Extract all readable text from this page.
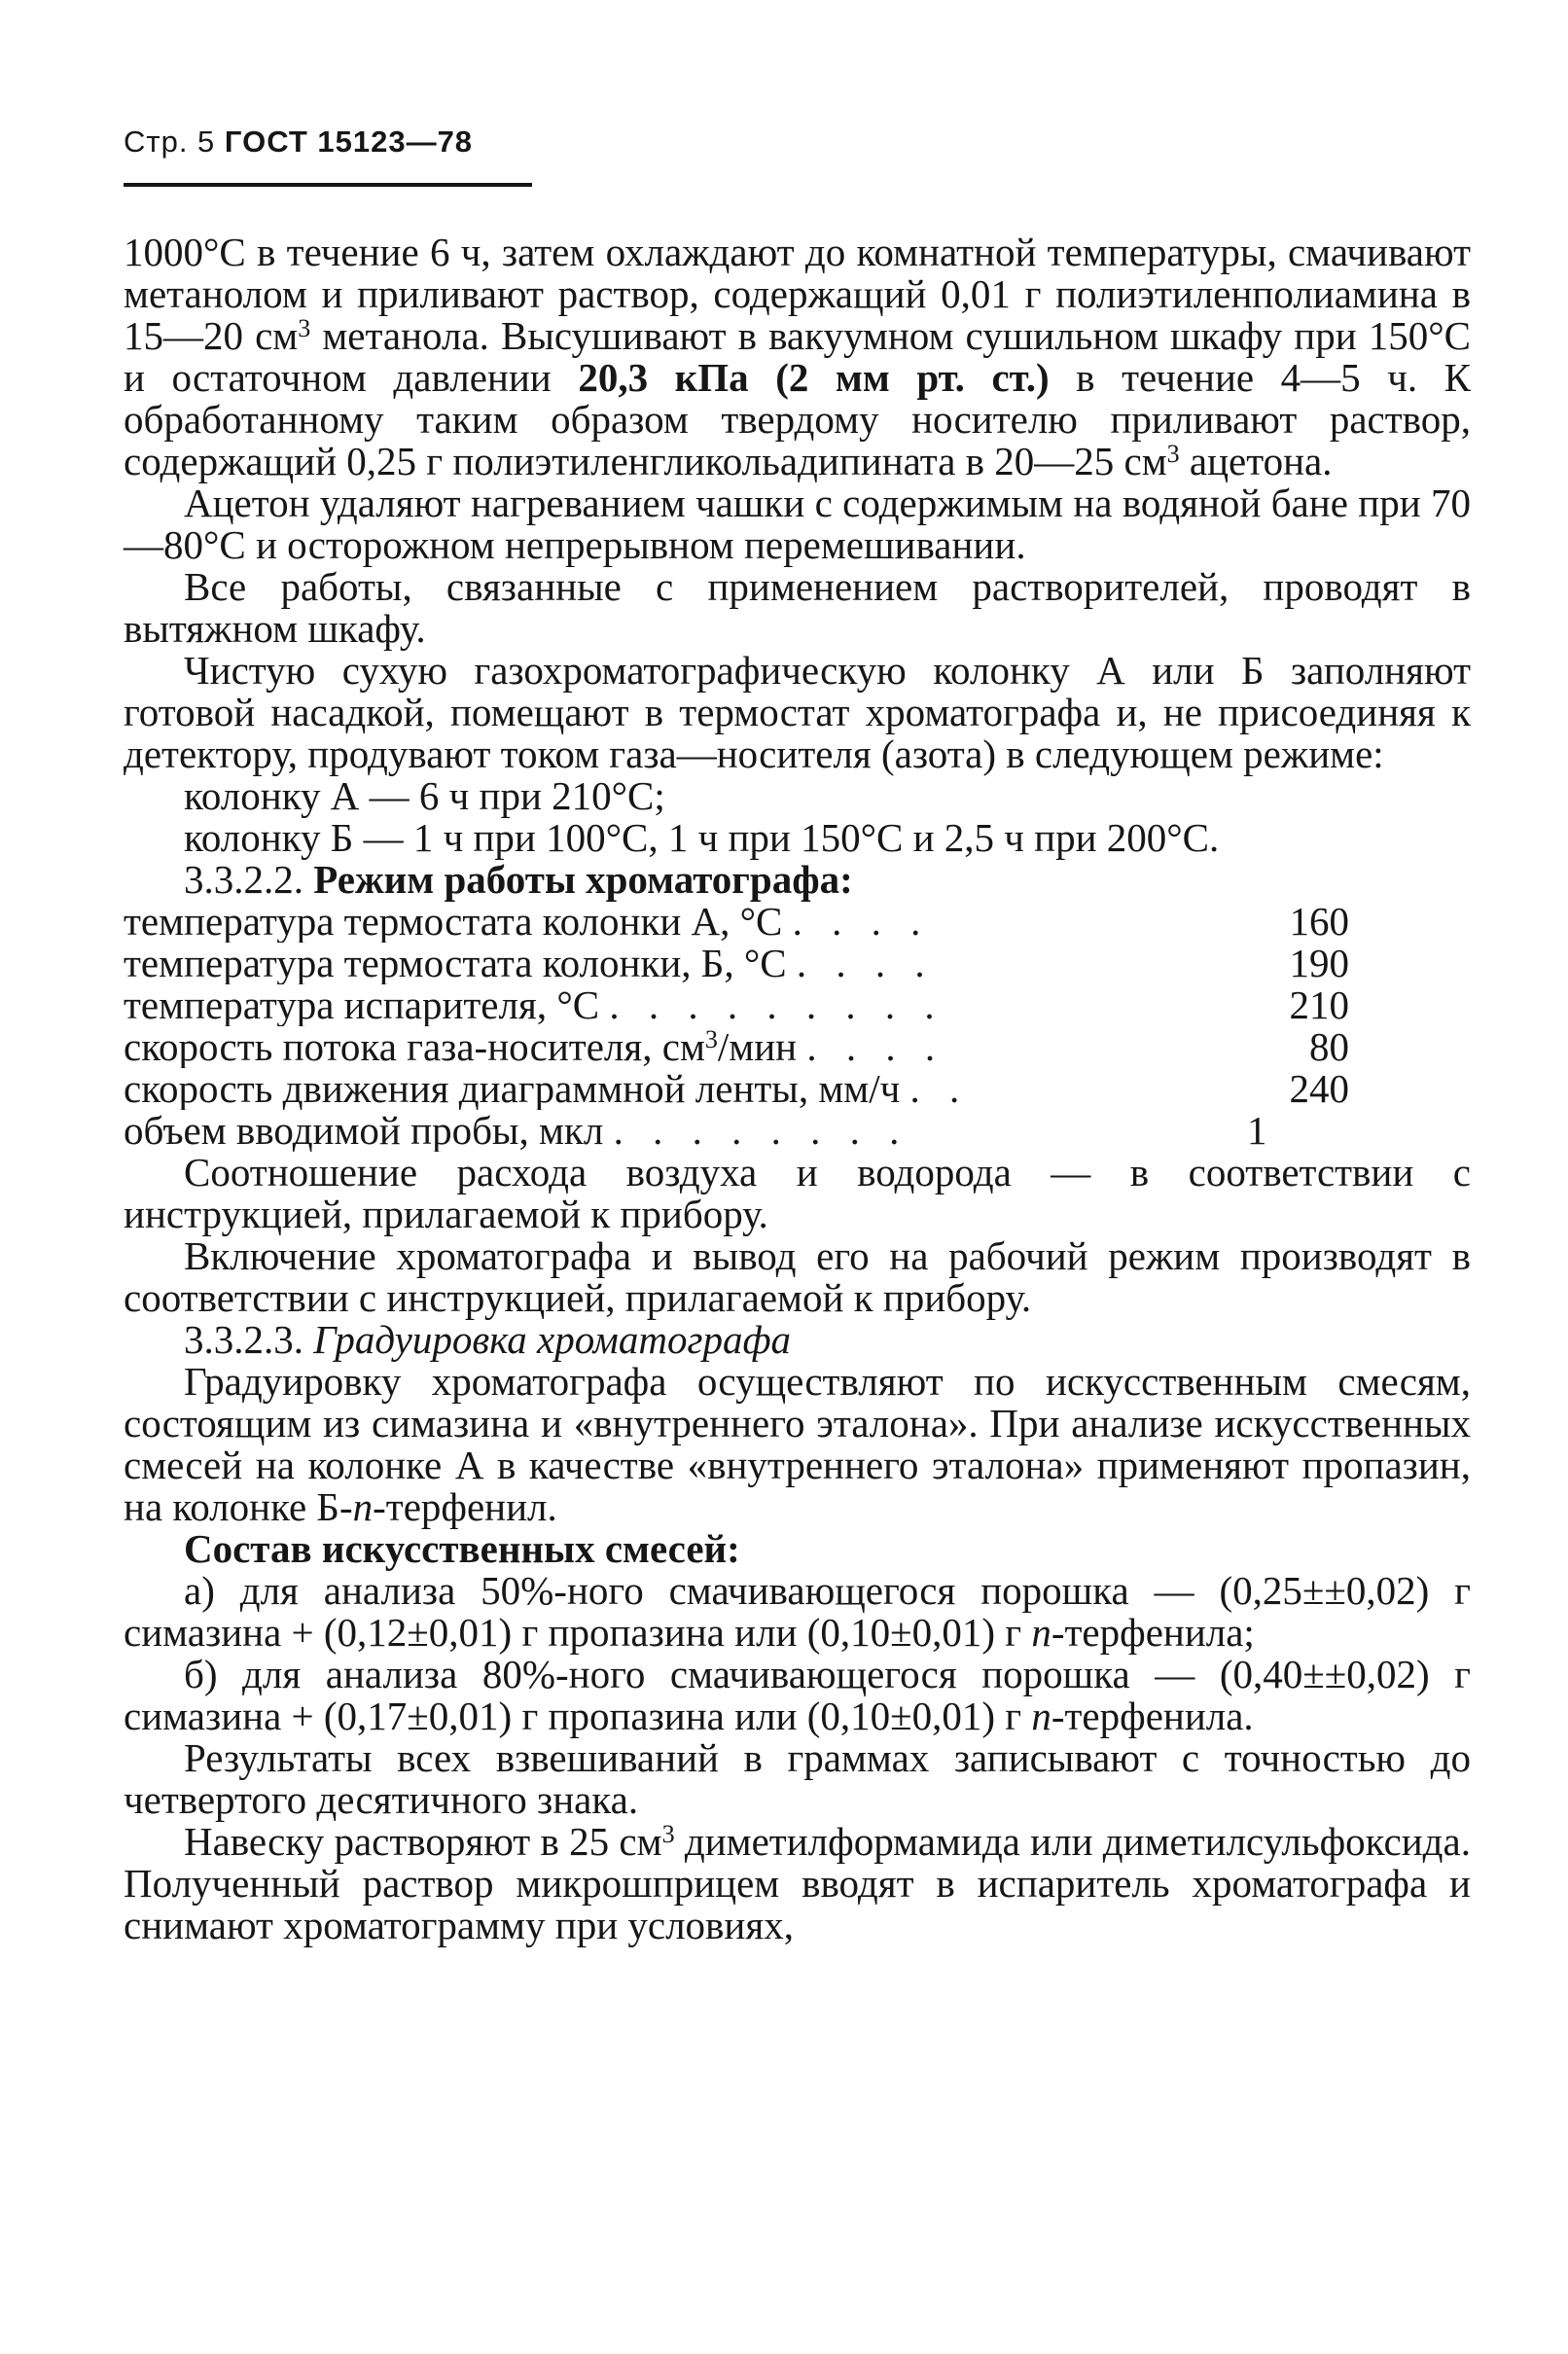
Стр. 5 ГОСТ 15123—78

1000°С в течение 6 ч, затем охлаждают до комнатной температуры, смачивают метанолом и приливают раствор, содержащий 0,01 г полиэтиленполиамина в 15—20 $см^3$ метанола. Высушивают в вакуумном сушильном шкафу при 150°С и остаточном давлении 20,3 кПа (2 мм рт. ст.) в течение 4—5 ч. К обработанному таким образом твердому носителю приливают раствор, содержащий 0,25 г полиэтиленгликольадипината в 20—25 $см^3$ ацетона.

Ацетон удаляют нагреванием чашки с содержимым на водяной бане при 70—80°С и осторожном непрерывном перемешивании.

Все работы, связанные с применением растворителей, проводят в вытяжном шкафу.

Чистую сухую газохроматографическую колонку А или Б заполняют готовой насадкой, помещают в термостат хроматографа и, не присоединяя к детектору, продувают током газа—носителя (азота) в следующем режиме:

колонку А — 6 ч при 210°С;

колонку Б — 1 ч при 100°С, 1 ч при 150°С и 2,5 ч при 200°С.

3.3.2.2. Режим работы хроматографа:

температура термостата колонки А, °С . . . .	160
температура термостата колонки, Б, °С . . . .	190
температура испарителя, °С . . . . . . . . .	210
скорость потока газа-носителя, $см^3$/мин . . . .	80
скорость движения диаграммной ленты, мм/ч . .	240
объем вводимой пробы, мкл . . . . . . . .	1

Соотношение расхода воздуха и водорода — в соответствии с инструкцией, прилагаемой к прибору.

Включение хроматографа и вывод его на рабочий режим производят в соответствии с инструкцией, прилагаемой к прибору.

3.3.2.3. Градуировка хроматографа

Градуировку хроматографа осуществляют по искусственным смесям, состоящим из симазина и «внутреннего эталона». При анализе искусственных смесей на колонке А в качестве «внутреннего эталона» применяют пропазин, на колонке Б-n-терфенил.

Состав искусственных смесей:

а) для анализа 50%-ного смачивающегося порошка — (0,25±±0,02) г симазина + (0,12±0,01) г пропазина или (0,10±0,01) г n-терфенила;

б) для анализа 80%-ного смачивающегося порошка — (0,40±±0,02) г симазина + (0,17±0,01) г пропазина или (0,10±0,01) г n-терфенила.

Результаты всех взвешиваний в граммах записывают с точностью до четвертого десятичного знака.

Навеску растворяют в 25 $см^3$ диметилформамида или диметилсульфоксида. Полученный раствор микрошприцем вводят в испаритель хроматографа и снимают хроматограмму при условиях,
